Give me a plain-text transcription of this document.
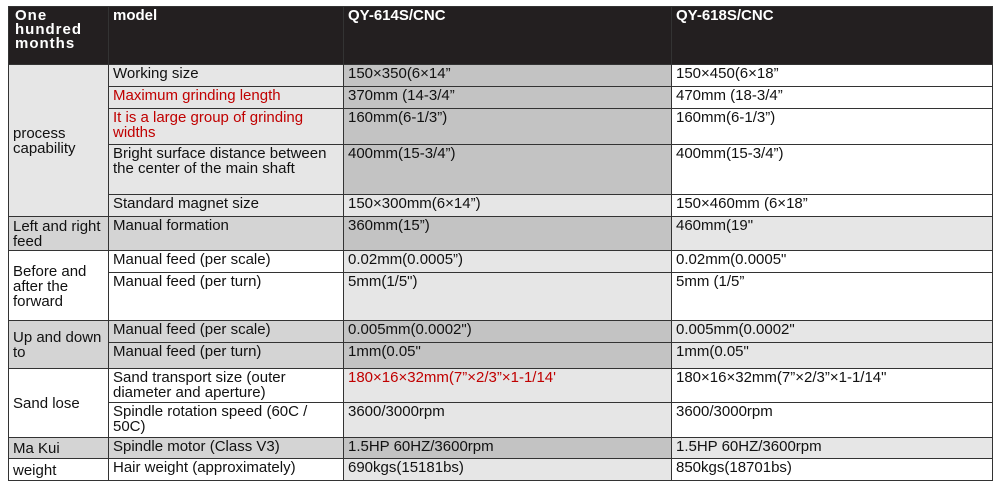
One hundred months	model	QY-614S/CNC	QY-618S/CNC
process capability	Working size	150×350(6×14”	150×450(6×18”
	Maximum grinding length	370mm (14-3/4”	470mm (18-3/4”
	It is a large group of grinding widths	160mm(6-1/3”)	160mm(6-1/3”)
	Bright surface distance between the center of the main shaft	400mm(15-3/4”)	400mm(15-3/4”)
	Standard magnet size	150×300mm(6×14”)	150×460mm (6×18”
Left and right feed	Manual formation	360mm(15”)	460mm(19"
Before and after the forward	Manual feed (per scale)	0.02mm(0.0005”)	0.02mm(0.0005"
	Manual feed (per turn)	5mm(1/5")	5mm (1/5”
Up and down to	Manual feed (per scale)	0.005mm(0.0002")	0.005mm(0.0002"
	Manual feed (per turn)	1mm(0.05"	1mm(0.05"
Sand lose	Sand transport size (outer diameter and aperture)	180×16×32mm(7”×2/3”×1-1/14'	180×16×32mm(7”×2/3”×1-1/14"
	Spindle rotation speed (60C / 50C)	3600/3000rpm	3600/3000rpm
Ma Kui	Spindle motor (Class V3)	1.5HP 60HZ/3600rpm	1.5HP 60HZ/3600rpm
weight	Hair weight (approximately)	690kgs(15181bs)	850kgs(18701bs)
